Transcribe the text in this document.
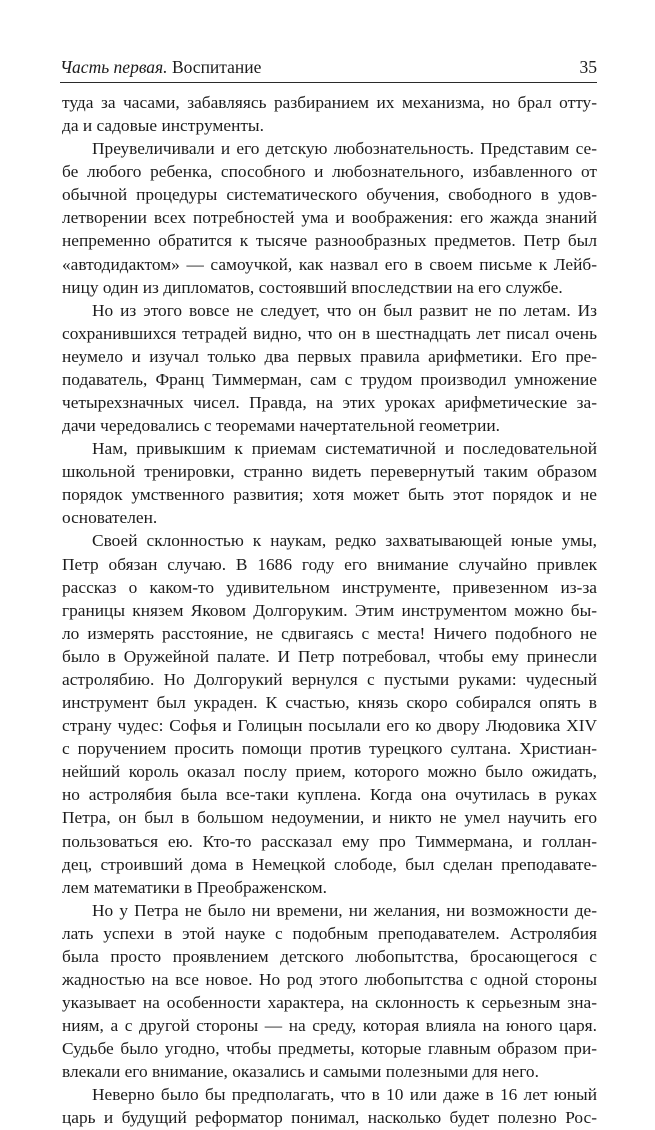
Часть первая. Воспитание	35
туда за часами, забавляясь разбиранием их механизма, но брал отту-
да и садовые инструменты.
Преувеличивали и его детскую любознательность. Представим се-
бе любого ребенка, способного и любознательного, избавленного от
обычной процедуры систематического обучения, свободного в удов-
летворении всех потребностей ума и воображения: его жажда знаний
непременно обратится к тысяче разнообразных предметов. Петр был
«автодидактом» — самоучкой, как назвал его в своем письме к Лейб-
ницу один из дипломатов, состоявший впоследствии на его службе.
Но из этого вовсе не следует, что он был развит не по летам. Из
сохранившихся тетрадей видно, что он в шестнадцать лет писал очень
неумело и изучал только два первых правила арифметики. Его пре-
подаватель, Франц Тиммерман, сам с трудом производил умножение
четырехзначных чисел. Правда, на этих уроках арифметические за-
дачи чередовались с теоремами начертательной геометрии.
Нам, привыкшим к приемам систематичной и последовательной
школьной тренировки, странно видеть перевернутый таким образом
порядок умственного развития; хотя может быть этот порядок и не
основателен.
Своей склонностью к наукам, редко захватывающей юные умы,
Петр обязан случаю. В 1686 году его внимание случайно привлек
рассказ о каком-то удивительном инструменте, привезенном из-за
границы князем Яковом Долгоруким. Этим инструментом можно бы-
ло измерять расстояние, не сдвигаясь с места! Ничего подобного не
было в Оружейной палате. И Петр потребовал, чтобы ему принесли
астролябию. Но Долгорукий вернулся с пустыми руками: чудесный
инструмент был украден. К счастью, князь скоро собирался опять в
страну чудес: Софья и Голицын посылали его ко двору Людовика XIV
с поручением просить помощи против турецкого султана. Христиан-
нейший король оказал послу прием, которого можно было ожидать,
но астролябия была все-таки куплена. Когда она очутилась в руках
Петра, он был в большом недоумении, и никто не умел научить его
пользоваться ею. Кто-то рассказал ему про Тиммермана, и голлан-
дец, строивший дома в Немецкой слободе, был сделан преподавате-
лем математики в Преображенском.
Но у Петра не было ни времени, ни желания, ни возможности де-
лать успехи в этой науке с подобным преподавателем. Астролябия
была просто проявлением детского любопытства, бросающегося с
жадностью на все новое. Но род этого любопытства с одной стороны
указывает на особенности характера, на склонность к серьезным зна-
ниям, а с другой стороны — на среду, которая влияла на юного царя.
Судьбе было угодно, чтобы предметы, которые главным образом при-
влекали его внимание, оказались и самыми полезными для него.
Неверно было бы предполагать, что в 10 или даже в 16 лет юный
царь и будущий реформатор понимал, насколько будет полезно Рос-
